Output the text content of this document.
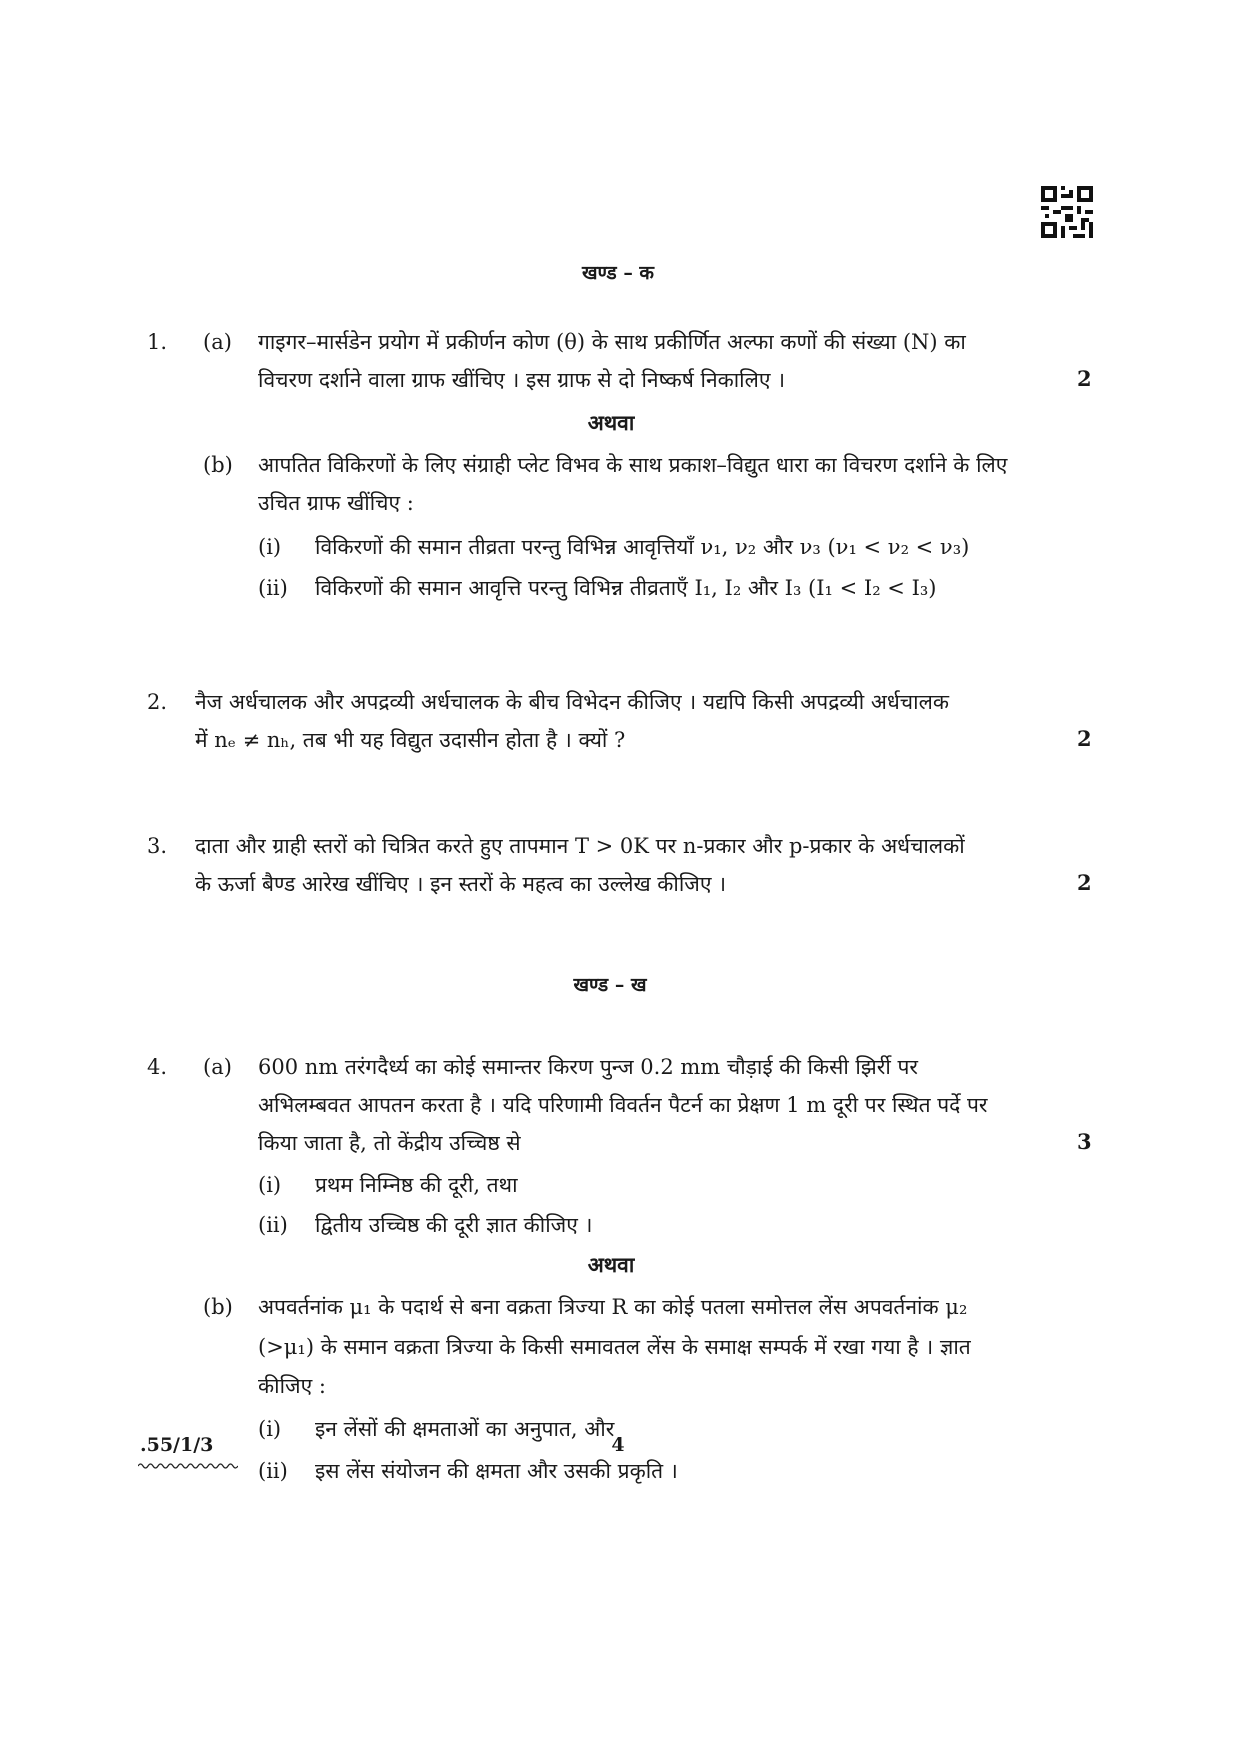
खण्ड – क
1. (a) गाइगर–मार्सडेन प्रयोग में प्रकीर्णन कोण (θ) के साथ प्रकीर्णित अल्फा कणों की संख्या (N) का
विचरण दर्शाने वाला ग्राफ खींचिए । इस ग्राफ से दो निष्कर्ष निकालिए ।	2
अथवा
(b) आपतित विकिरणों के लिए संग्राही प्लेट विभव के साथ प्रकाश–विद्युत धारा का विचरण दर्शाने के लिए
उचित ग्राफ खींचिए :
(i) विकिरणों की समान तीव्रता परन्तु विभिन्न आवृत्तियाँ ν₁, ν₂ और ν₃ (ν₁ < ν₂ < ν₃)
(ii) विकिरणों की समान आवृत्ति परन्तु विभिन्न तीव्रताएँ I₁, I₂ और I₃ (I₁ < I₂ < I₃)
2. नैज अर्धचालक और अपद्रव्यी अर्धचालक के बीच विभेदन कीजिए । यद्यपि किसी अपद्रव्यी अर्धचालक
में nₑ ≠ nₕ, तब भी यह विद्युत उदासीन होता है । क्यों ?	2
3. दाता और ग्राही स्तरों को चित्रित करते हुए तापमान T > 0K पर n-प्रकार और p-प्रकार के अर्धचालकों
के ऊर्जा बैण्ड आरेख खींचिए । इन स्तरों के महत्व का उल्लेख कीजिए ।	2
खण्ड – ख
4. (a) 600 nm तरंगदैर्ध्य का कोई समान्तर किरण पुन्ज 0.2 mm चौड़ाई की किसी झिर्री पर
अभिलम्बवत आपतन करता है । यदि परिणामी विवर्तन पैटर्न का प्रेक्षण 1 m दूरी पर स्थित पर्दे पर
किया जाता है, तो केंद्रीय उच्चिष्ठ से	3
(i) प्रथम निम्निष्ठ की दूरी, तथा
(ii) द्वितीय उच्चिष्ठ की दूरी ज्ञात कीजिए ।
अथवा
(b) अपवर्तनांक μ₁ के पदार्थ से बना वक्रता त्रिज्या R का कोई पतला समोत्तल लेंस अपवर्तनांक μ₂
(>μ₁) के समान वक्रता त्रिज्या के किसी समावतल लेंस के समाक्ष सम्पर्क में रखा गया है । ज्ञात
कीजिए :
(i) इन लेंसों की क्षमताओं का अनुपात, और
(ii) इस लेंस संयोजन की क्षमता और उसकी प्रकृति ।
.55/1/3	4
